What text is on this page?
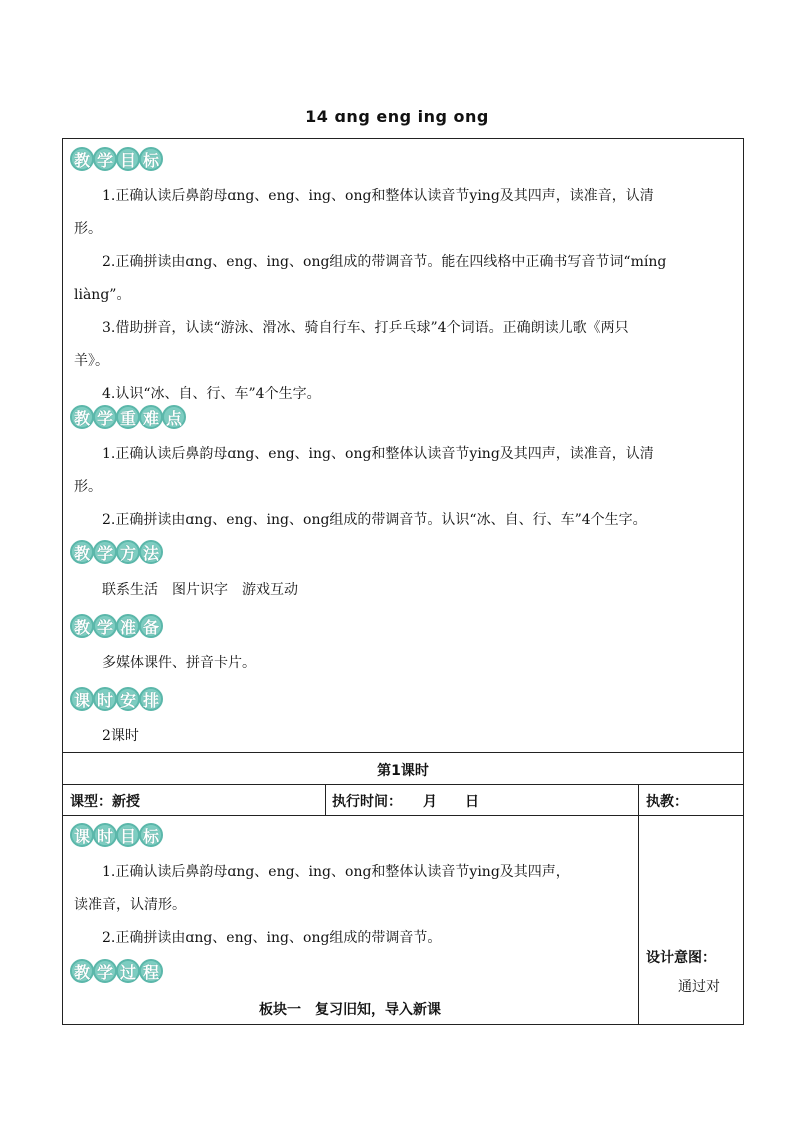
14 ɑng eng ing ong
教 学 目 标
1.正确认读后鼻韵母ɑng、eng、ing、ong和整体认读音节ying及其四声，读准音，认清
形。
2.正确拼读由ɑng、eng、ing、ong组成的带调音节。能在四线格中正确书写音节词“míng
liàng”。
3.借助拼音，认读“游泳、滑冰、骑自行车、打乒乓球”4个词语。正确朗读儿歌《两只
羊》。
4.认识“冰、自、行、车”4个生字。
教 学 重 难 点
1.正确认读后鼻韵母ɑng、eng、ing、ong和整体认读音节ying及其四声，读准音，认清
形。
2.正确拼读由ɑng、eng、ing、ong组成的带调音节。认识“冰、自、行、车”4个生字。
教 学 方 法
联系生活　图片识字　游戏互动
教 学 准 备
多媒体课件、拼音卡片。
课 时 安 排
2课时
第1课时
课型：新授	执行时间：　　月　　日	执教：
课 时 目 标
1.正确认读后鼻韵母ɑng、eng、ing、ong和整体认读音节ying及其四声，
读准音，认清形。
2.正确拼读由ɑng、eng、ing、ong组成的带调音节。
教 学 过 程
板块一　复习旧知，导入新课
设计意图：
通过对
